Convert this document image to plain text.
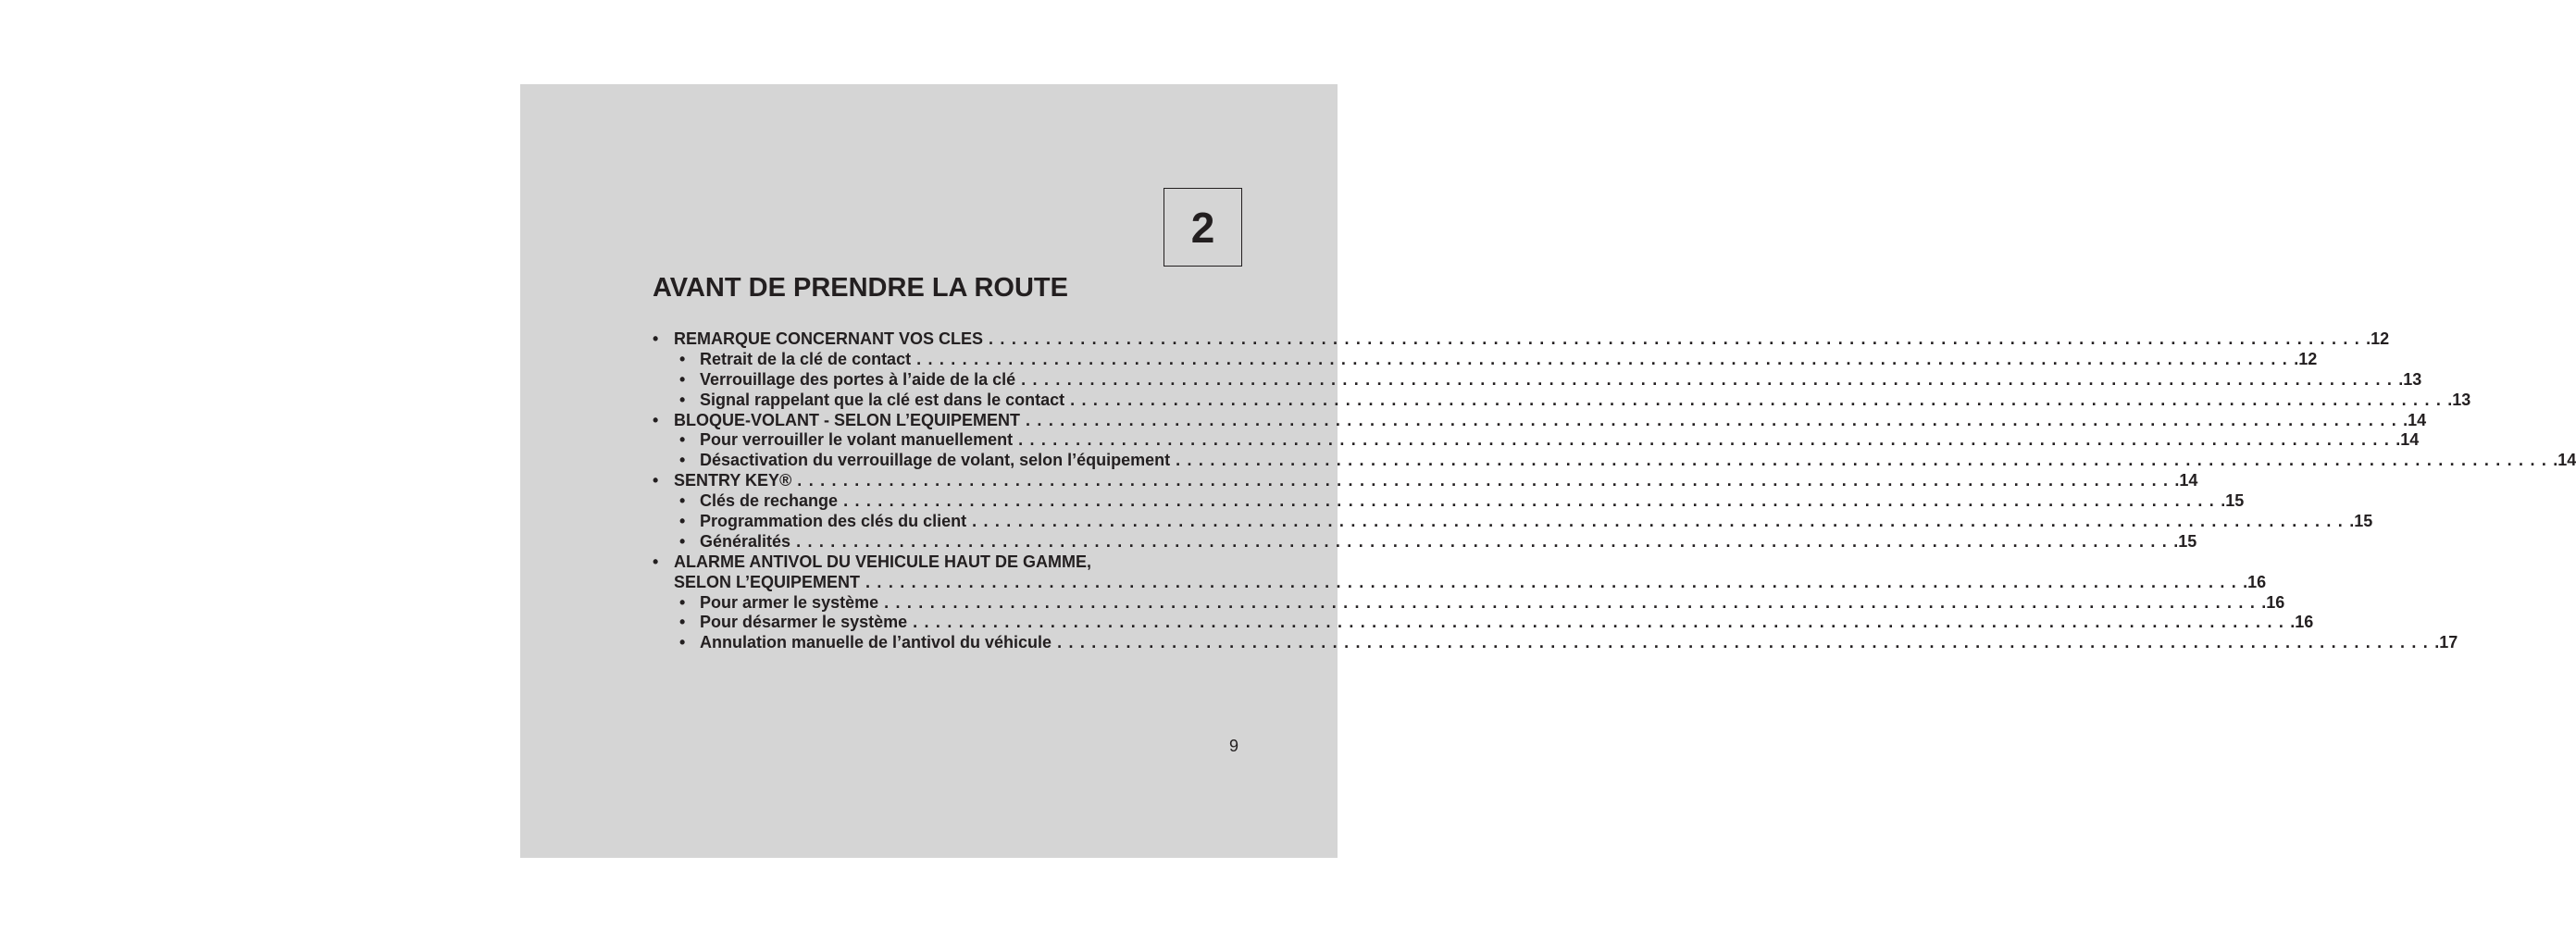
2
AVANT DE PRENDRE LA ROUTE
• REMARQUE CONCERNANT VOS CLES ........................................................................................................................ .12
• Retrait de la clé de contact ........................................................................................................................ .12
• Verrouillage des portes à l’aide de la clé ........................................................................................................................ .13
• Signal rappelant que la clé est dans le contact ........................................................................................................................ .13
• BLOQUE-VOLANT - SELON L’EQUIPEMENT ........................................................................................................................ .14
• Pour verrouiller le volant manuellement ........................................................................................................................ .14
• Désactivation du verrouillage de volant, selon l’équipement ........................................................................................................................ .14
• SENTRY KEY® ........................................................................................................................ .14
• Clés de rechange ........................................................................................................................ .15
• Programmation des clés du client ........................................................................................................................ .15
• Généralités ........................................................................................................................ .15
• ALARME ANTIVOL DU VEHICULE HAUT DE GAMME,
SELON L’EQUIPEMENT ........................................................................................................................ .16
• Pour armer le système ........................................................................................................................ .16
• Pour désarmer le système ........................................................................................................................ .16
• Annulation manuelle de l’antivol du véhicule ........................................................................................................................ .17
9
